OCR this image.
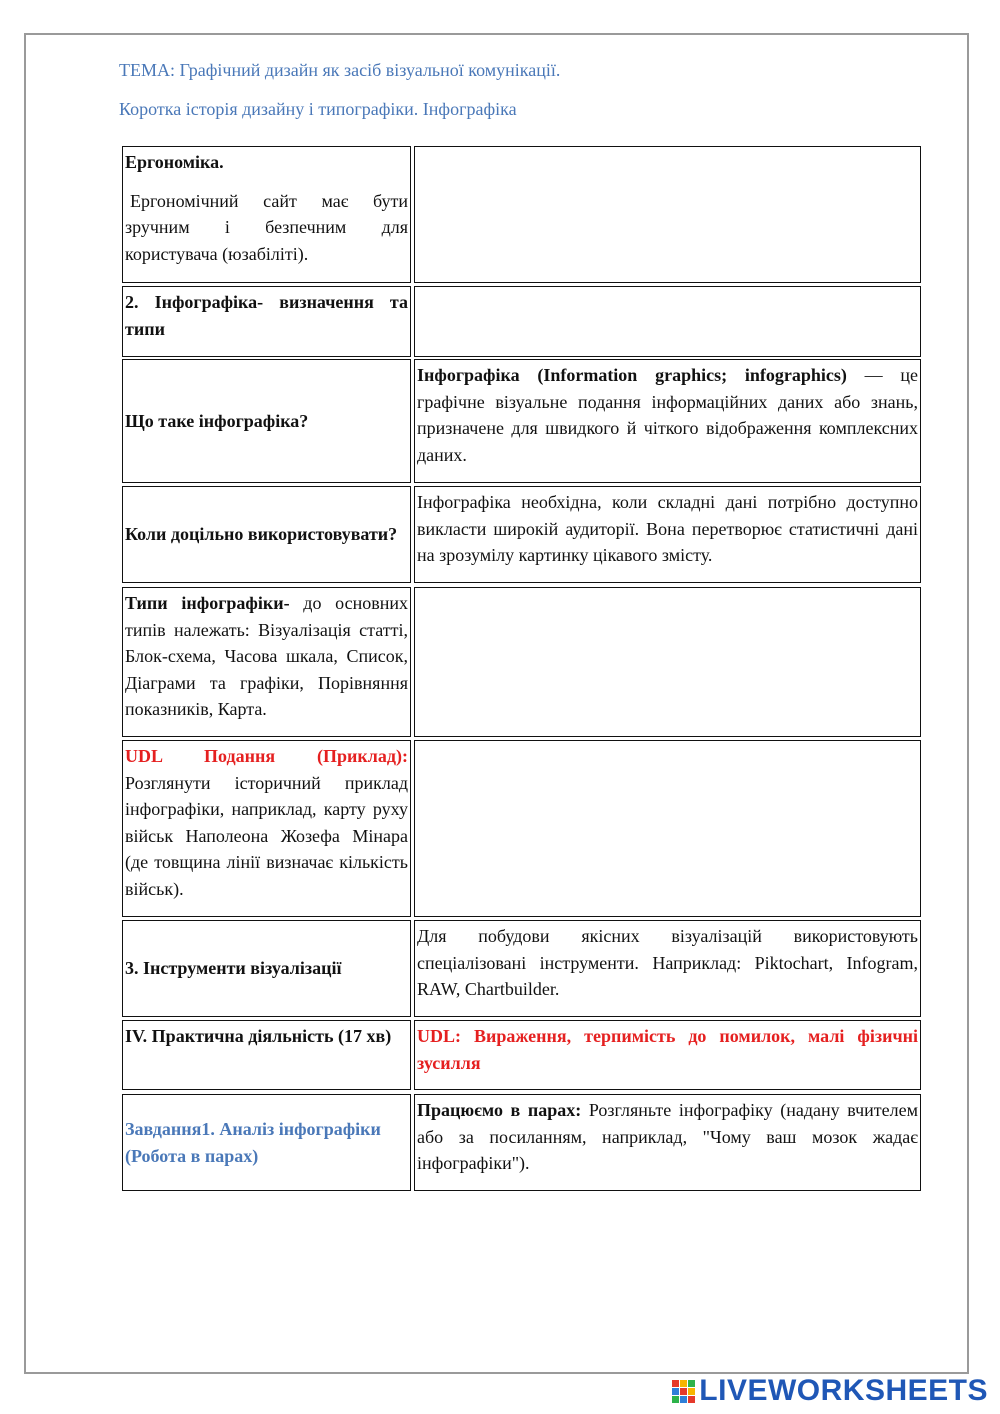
ТЕМА: Графічний дизайн як засіб візуальної комунікації.
Коротка історія дизайну і типографіки. Інфографіка
Ергономіка.
Ергономічний сайт має бути зручним і безпечним для користувача (юзабіліті).
2. Інфографіка- визначення та типи
Що таке інфографіка?
Інфографіка (Information graphics; infographics) — це графічне візуальне подання інформаційних даних або знань, призначене для швидкого й чіткого відображення комплексних даних.
Коли доцільно використовувати?
Інфографіка необхідна, коли складні дані потрібно доступно викласти широкій аудиторії. Вона перетворює статистичні дані на зрозумілу картинку цікавого змісту.
Типи інфографіки- до основних типів належать: Візуалізація статті, Блок-схема, Часова шкала, Список, Діаграми та графіки, Порівняння показників, Карта.
UDL Подання (Приклад): Розглянути історичний приклад інфографіки, наприклад, карту руху військ Наполеона Жозефа Мінара (де товщина лінії визначає кількість військ).
3. Інструменти візуалізації
Для побудови якісних візуалізацій використовують спеціалізовані інструменти. Наприклад: Piktochart, Infogram, RAW, Chartbuilder.
IV. Практична діяльність (17 хв)	UDL: Вираження, терпимість до помилок, малі фізичні зусилля
Завдання1. Аналіз інфографіки (Робота в парах)
Працюємо в парах: Розгляньте інфографіку (надану вчителем або за посиланням, наприклад, "Чому ваш мозок жадає інфографіки").
LIVEWORKSHEETS
